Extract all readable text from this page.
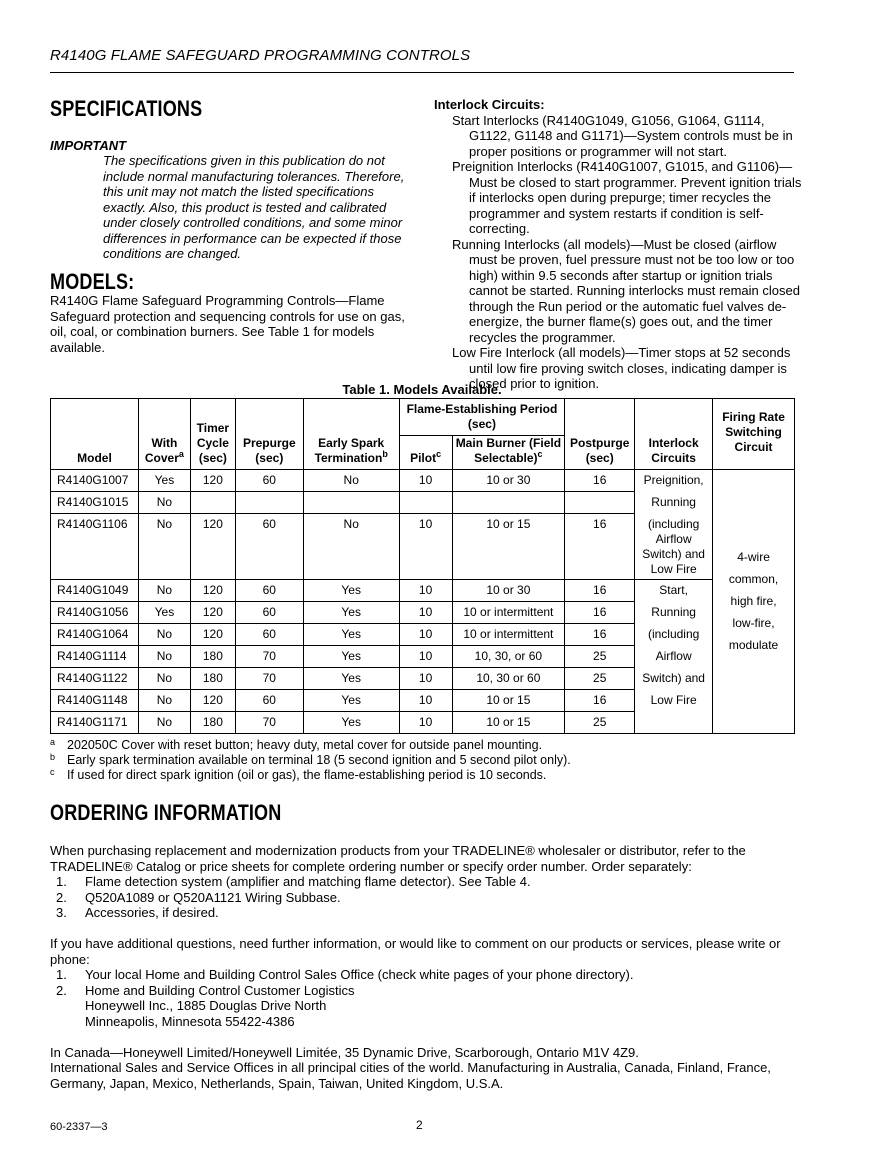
R4140G FLAME SAFEGUARD PROGRAMMING CONTROLS
SPECIFICATIONS
IMPORTANT
The specifications given in this publication do not include normal manufacturing tolerances. Therefore, this unit may not match the listed specifications exactly. Also, this product is tested and calibrated under closely controlled conditions, and some minor differences in performance can be expected if those conditions are changed.
MODELS:
R4140G Flame Safeguard Programming Controls—Flame Safeguard protection and sequencing controls for use on gas, oil, coal, or combination burners. See Table 1 for models available.
Interlock Circuits:
Start Interlocks (R4140G1049, G1056, G1064, G1114, G1122, G1148 and G1171)—System controls must be in proper positions or programmer will not start.
Preignition Interlocks (R4140G1007, G1015, and G1106)—Must be closed to start programmer. Prevent ignition trials if interlocks open during prepurge; timer recycles the programmer and system restarts if condition is self-correcting.
Running Interlocks (all models)—Must be closed (airflow must be proven, fuel pressure must not be too low or too high) within 9.5 seconds after startup or ignition trials cannot be started. Running interlocks must remain closed through the Run period or the automatic fuel valves de-energize, the burner flame(s) goes out, and the timer recycles the programmer.
Low Fire Interlock (all models)—Timer stops at 52 seconds until low fire proving switch closes, indicating damper is closed prior to ignition.
Table 1. Models Available.
Model	With Cover$^a$	Timer Cycle (sec)	Prepurge (sec)	Early Spark Termination$^b$	Flame-Establishing Period (sec)		Postpurge (sec)	Interlock Circuits	Firing Rate Switching Circuit
					Pilot$^c$	Main Burner (Field Selectable)$^c$
R4140G1007	Yes	120	60	No	10	10 or 30	16	Preignition,	4-wire common, high fire, low-fire, modulate
R4140G1015	No							Running	
R4140G1106	No	120	60	No	10	10 or 15	16	(including Airflow Switch) and Low Fire	
R4140G1049	No	120	60	Yes	10	10 or 30	16	Start,	
R4140G1056	Yes	120	60	Yes	10	10 or intermittent	16	Running	
R4140G1064	No	120	60	Yes	10	10 or intermittent	16	(including	
R4140G1114	No	180	70	Yes	10	10, 30, or 60	25	Airflow	
R4140G1122	No	180	70	Yes	10	10, 30 or 60	25	Switch) and	
R4140G1148	No	120	60	Yes	10	10 or 15	16	Low Fire	
R4140G1171	No	180	70	Yes	10	10 or 15	25		
a 202050C Cover with reset button; heavy duty, metal cover for outside panel mounting.
b Early spark termination available on terminal 18 (5 second ignition and 5 second pilot only).
c If used for direct spark ignition (oil or gas), the flame-establishing period is 10 seconds.
ORDERING INFORMATION
When purchasing replacement and modernization products from your TRADELINE® wholesaler or distributor, refer to the TRADELINE® Catalog or price sheets for complete ordering number or specify order number. Order separately:
1. Flame detection system (amplifier and matching flame detector). See Table 4.
2. Q520A1089 or Q520A1121 Wiring Subbase.
3. Accessories, if desired.
If you have additional questions, need further information, or would like to comment on our products or services, please write or phone:
1. Your local Home and Building Control Sales Office (check white pages of your phone directory).
2. Home and Building Control Customer Logistics
Honeywell Inc., 1885 Douglas Drive North
Minneapolis, Minnesota 55422-4386
In Canada—Honeywell Limited/Honeywell Limitée, 35 Dynamic Drive, Scarborough, Ontario M1V 4Z9.
International Sales and Service Offices in all principal cities of the world. Manufacturing in Australia, Canada, Finland, France, Germany, Japan, Mexico, Netherlands, Spain, Taiwan, United Kingdom, U.S.A.
60-2337—3	2
